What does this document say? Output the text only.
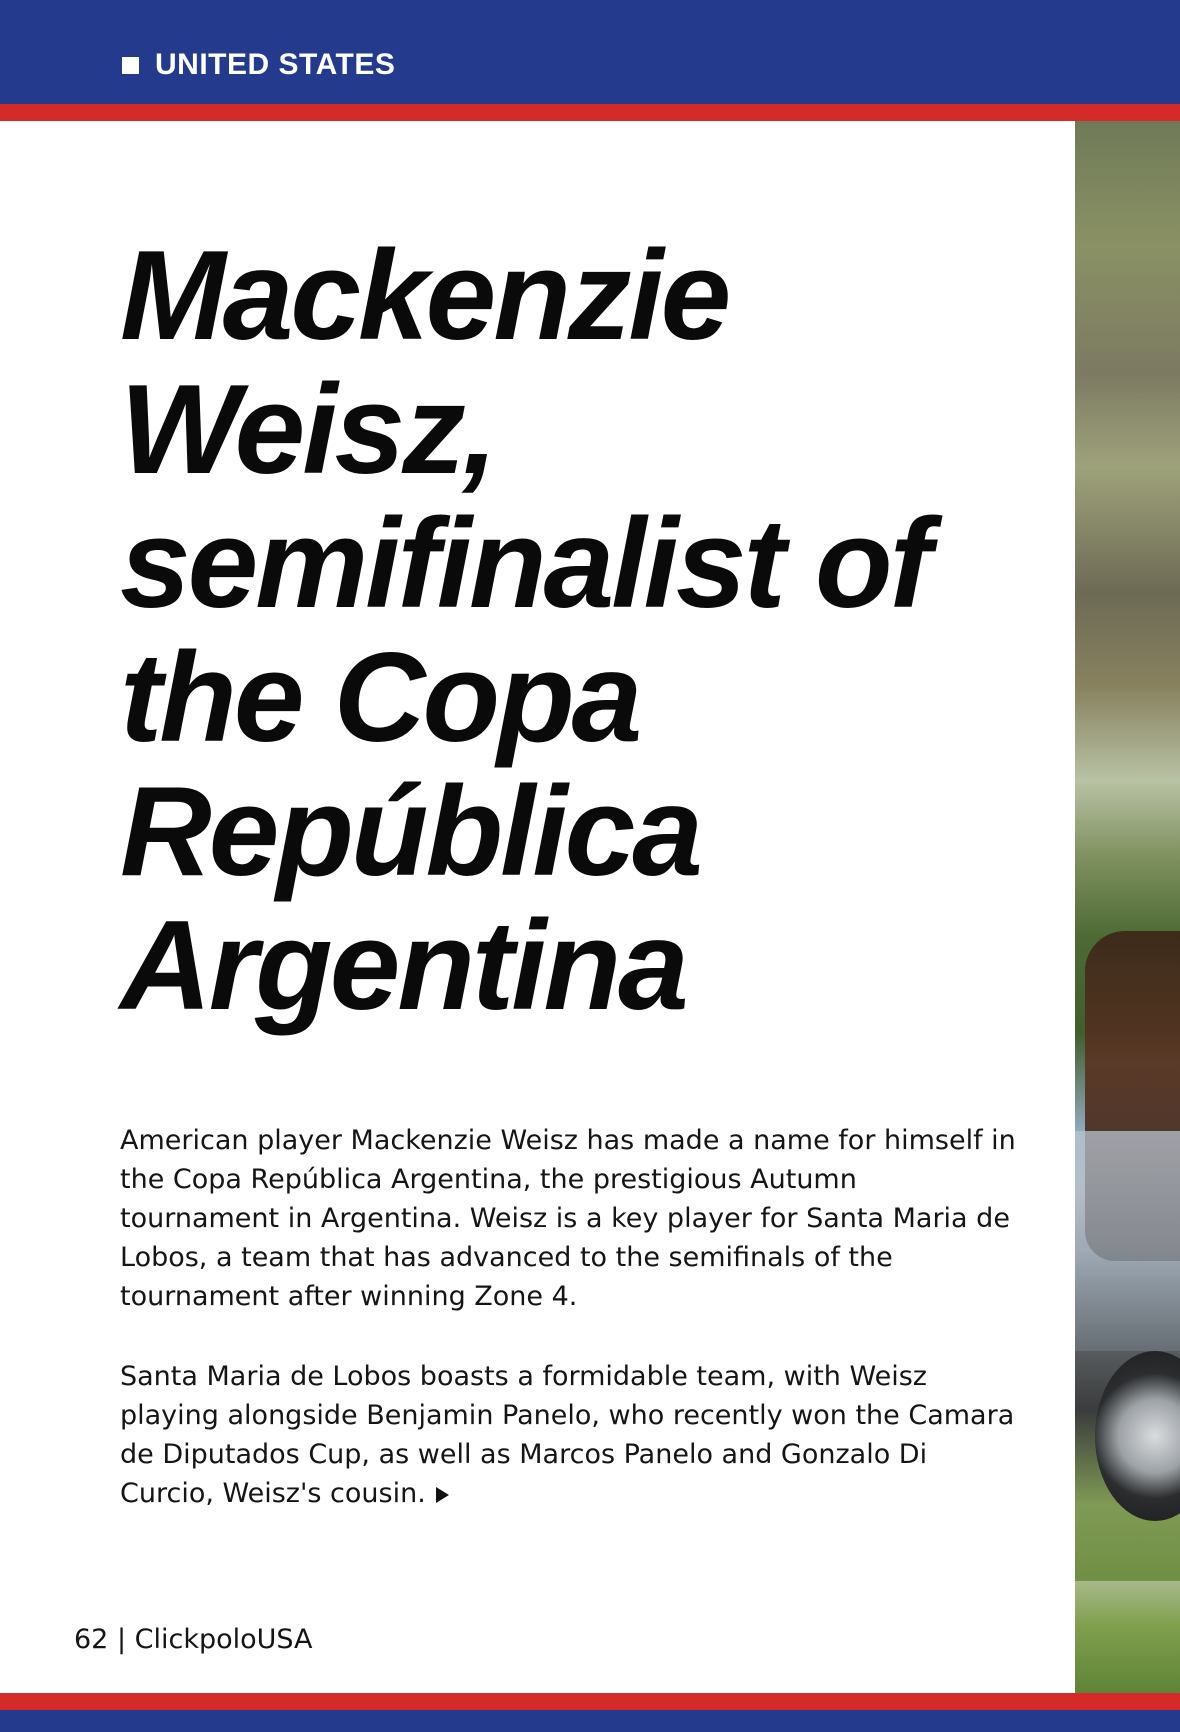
UNITED STATES
Mackenzie Weisz, semifinalist of the Copa República Argentina

American player Mackenzie Weisz has made a name for himself in the Copa República Argentina, the prestigious Autumn tournament in Argentina. Weisz is a key player for Santa Maria de Lobos, a team that has advanced to the semifinals of the tournament after winning Zone 4.

Santa Maria de Lobos boasts a formidable team, with Weisz playing alongside Benjamin Panelo, who recently won the Camara de Diputados Cup, as well as Marcos Panelo and Gonzalo Di Curcio, Weisz's cousin.

62 | ClickpoloUSA
